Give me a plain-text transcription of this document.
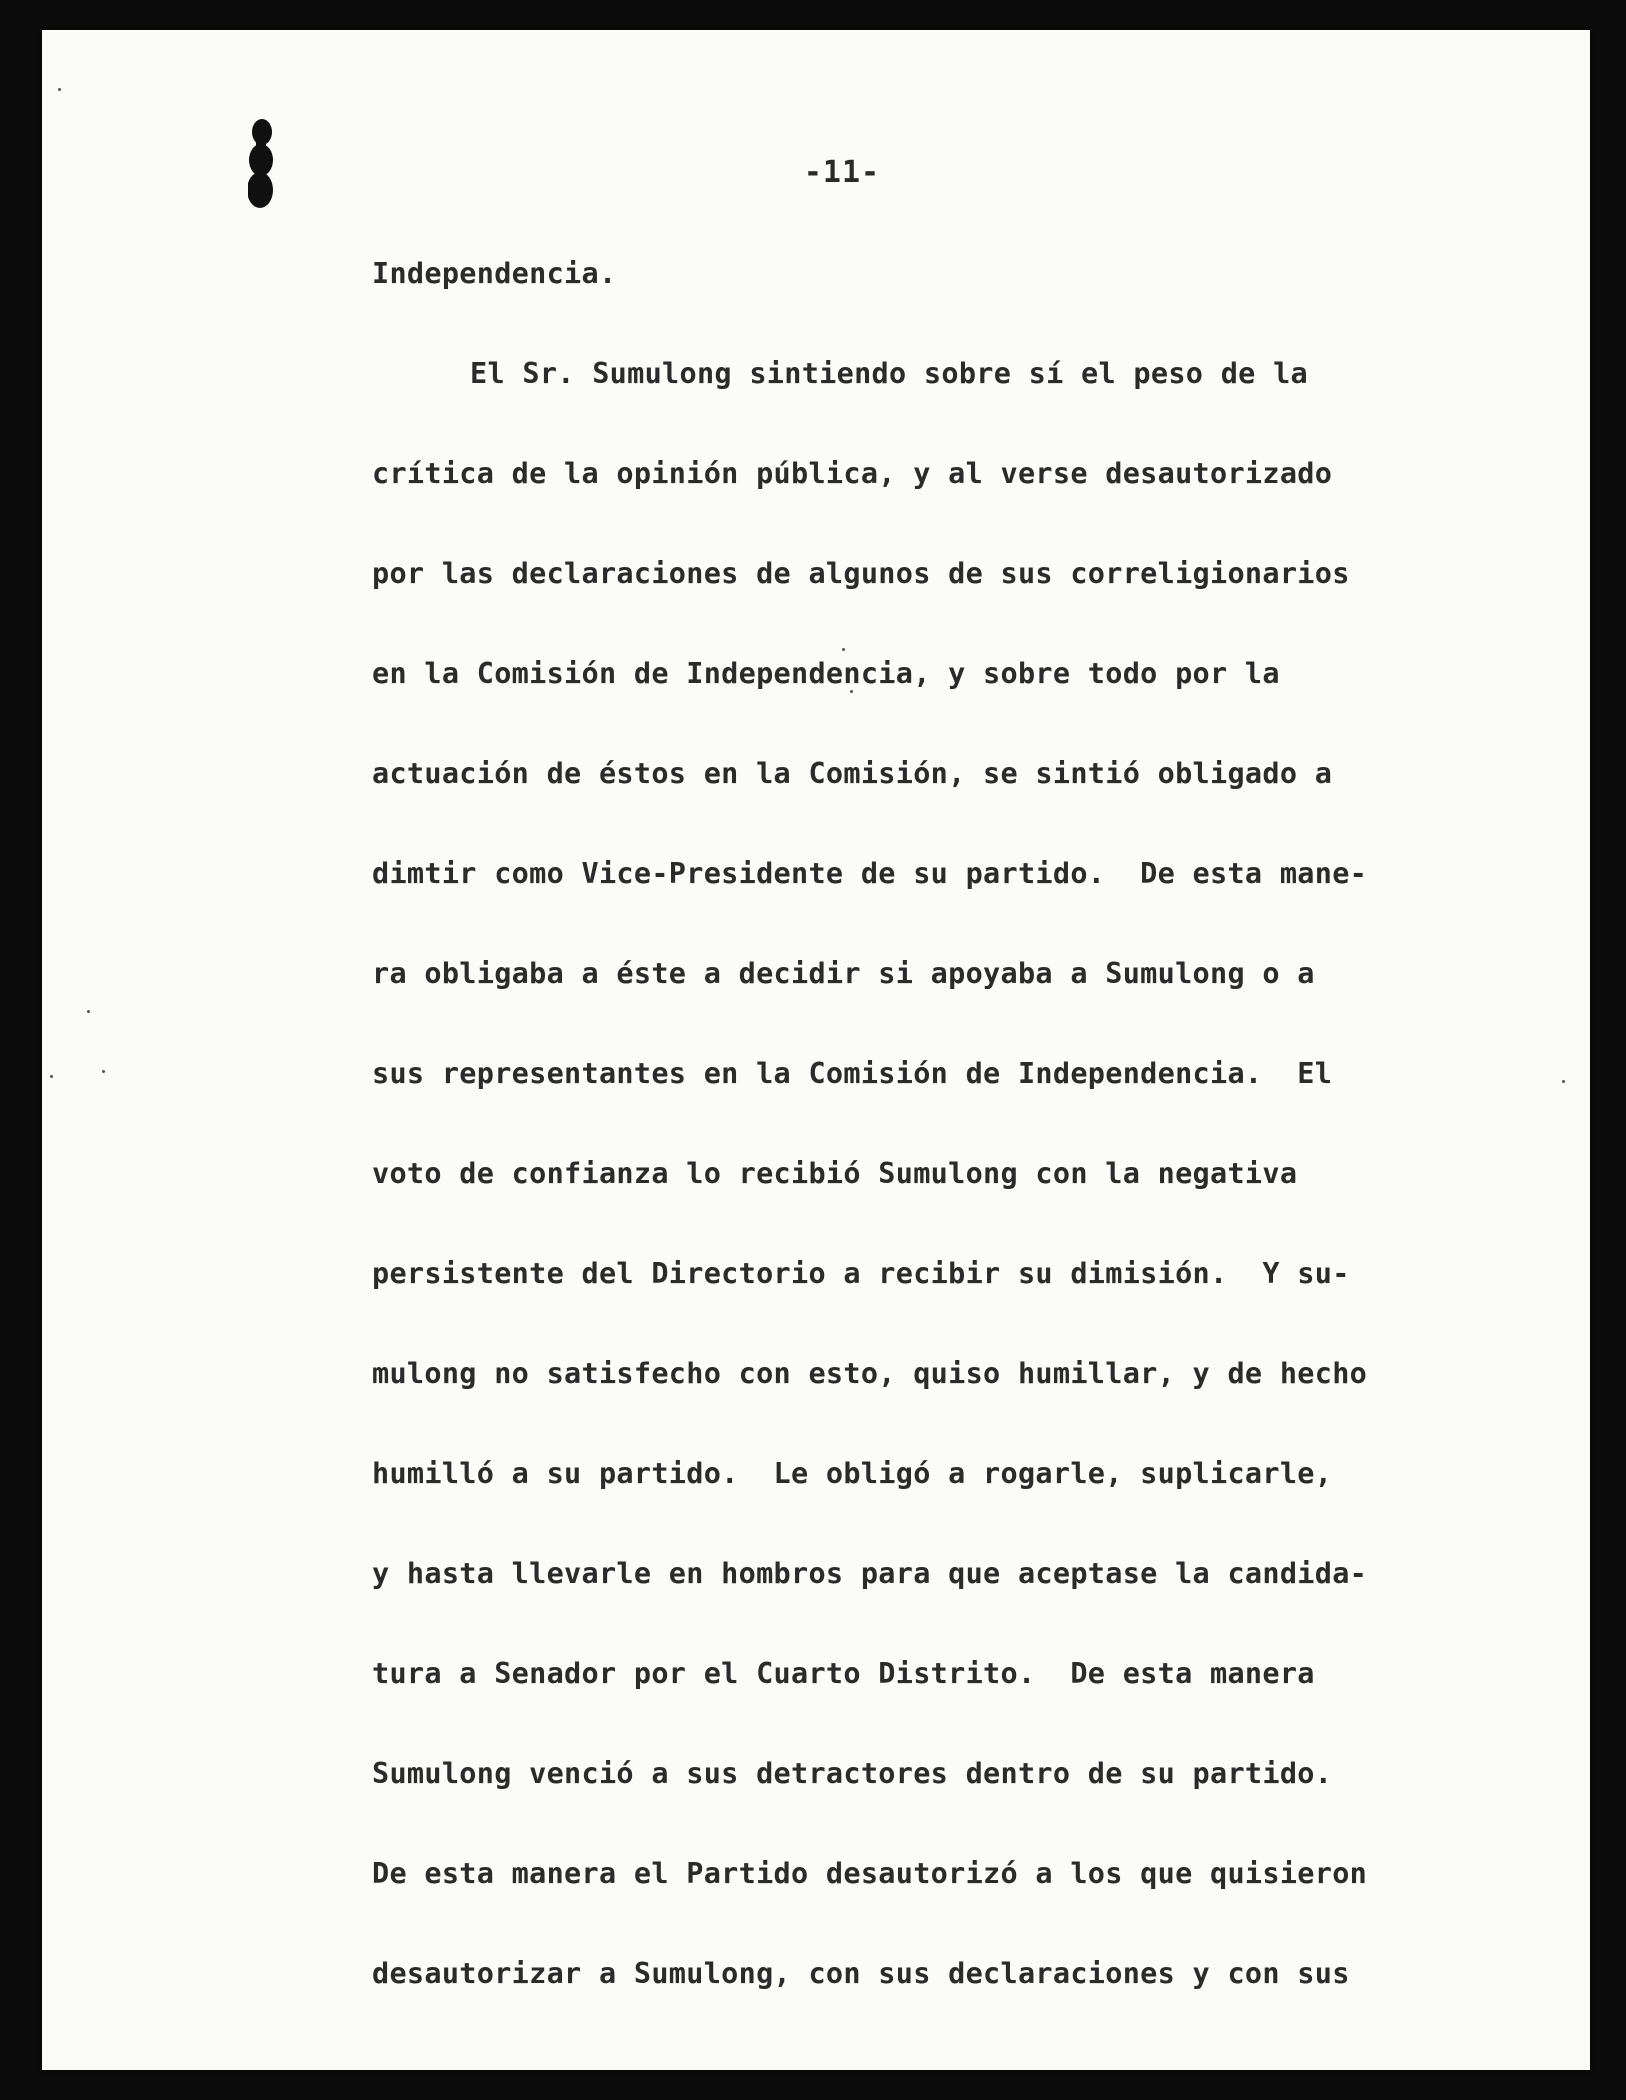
-11-
Independencia.
El Sr. Sumulong sintiendo sobre sí el peso de la
crítica de la opinión pública, y al verse desautorizado
por las declaraciones de algunos de sus correligionarios
en la Comisión de Independencia, y sobre todo por la
actuación de éstos en la Comisión, se sintió obligado a
dimtir como Vice-Presidente de su partido.  De esta mane-
ra obligaba a éste a decidir si apoyaba a Sumulong o a
sus representantes en la Comisión de Independencia.  El
voto de confianza lo recibió Sumulong con la negativa
persistente del Directorio a recibir su dimisión.  Y su-
mulong no satisfecho con esto, quiso humillar, y de hecho
humilló a su partido.  Le obligó a rogarle, suplicarle,
y hasta llevarle en hombros para que aceptase la candida-
tura a Senador por el Cuarto Distrito.  De esta manera
Sumulong venció a sus detractores dentro de su partido.
De esta manera el Partido desautorizó a los que quisieron
desautorizar a Sumulong, con sus declaraciones y con sus
